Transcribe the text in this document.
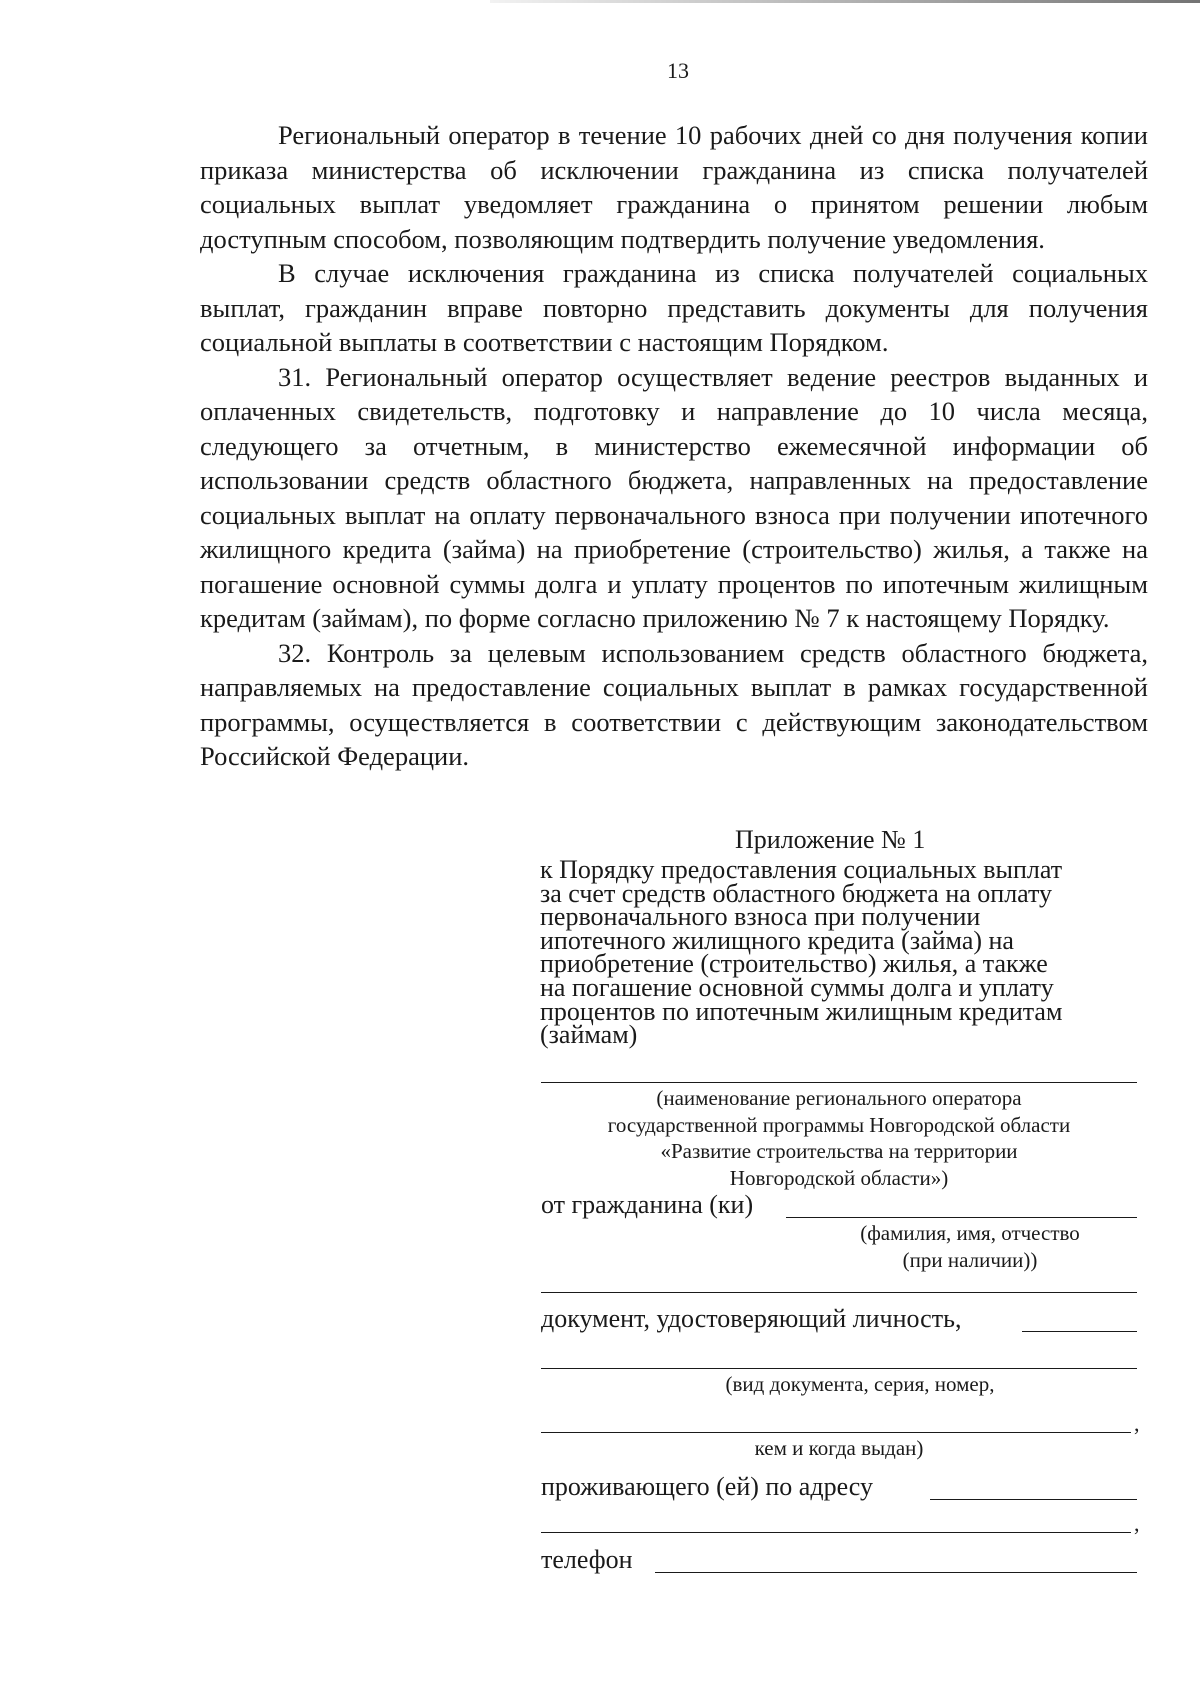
13

Региональный оператор в течение 10 рабочих дней со дня получения копии приказа министерства об исключении гражданина из списка получателей социальных выплат уведомляет гражданина о принятом решении любым доступным способом, позволяющим подтвердить получение уведомления.

В случае исключения гражданина из списка получателей социальных выплат, гражданин вправе повторно представить документы для получения социальной выплаты в соответствии с настоящим Порядком.

31. Региональный оператор осуществляет ведение реестров выданных и оплаченных свидетельств, подготовку и направление до 10 числа месяца, следующего за отчетным, в министерство ежемесячной информации об использовании средств областного бюджета, направленных на предоставление социальных выплат на оплату первоначального взноса при получении ипотечного жилищного кредита (займа) на приобретение (строительство) жилья, а также на погашение основной суммы долга и уплату процентов по ипотечным жилищным кредитам (займам), по форме согласно приложению № 7 к настоящему Порядку.

32. Контроль за целевым использованием средств областного бюджета, направляемых на предоставление социальных выплат в рамках государственной программы, осуществляется в соответствии с действующим законодательством Российской Федерации.

Приложение № 1

к Порядку предоставления социальных выплат
за счет средств областного бюджета на оплату
первоначального взноса при получении
ипотечного жилищного кредита (займа) на
приобретение (строительство) жилья, а также
на погашение основной суммы долга и уплату
процентов по ипотечным жилищным кредитам
(займам)
(наименование регионального оператора
государственной программы Новгородской области
«Развитие строительства на территории
Новгородской области»)
от гражданина (ки)
(фамилия, имя, отчество
(при наличии))
документ, удостоверяющий личность,
(вид документа, серия, номер,
,
кем и когда выдан)
проживающего (ей) по адресу
,
телефон
